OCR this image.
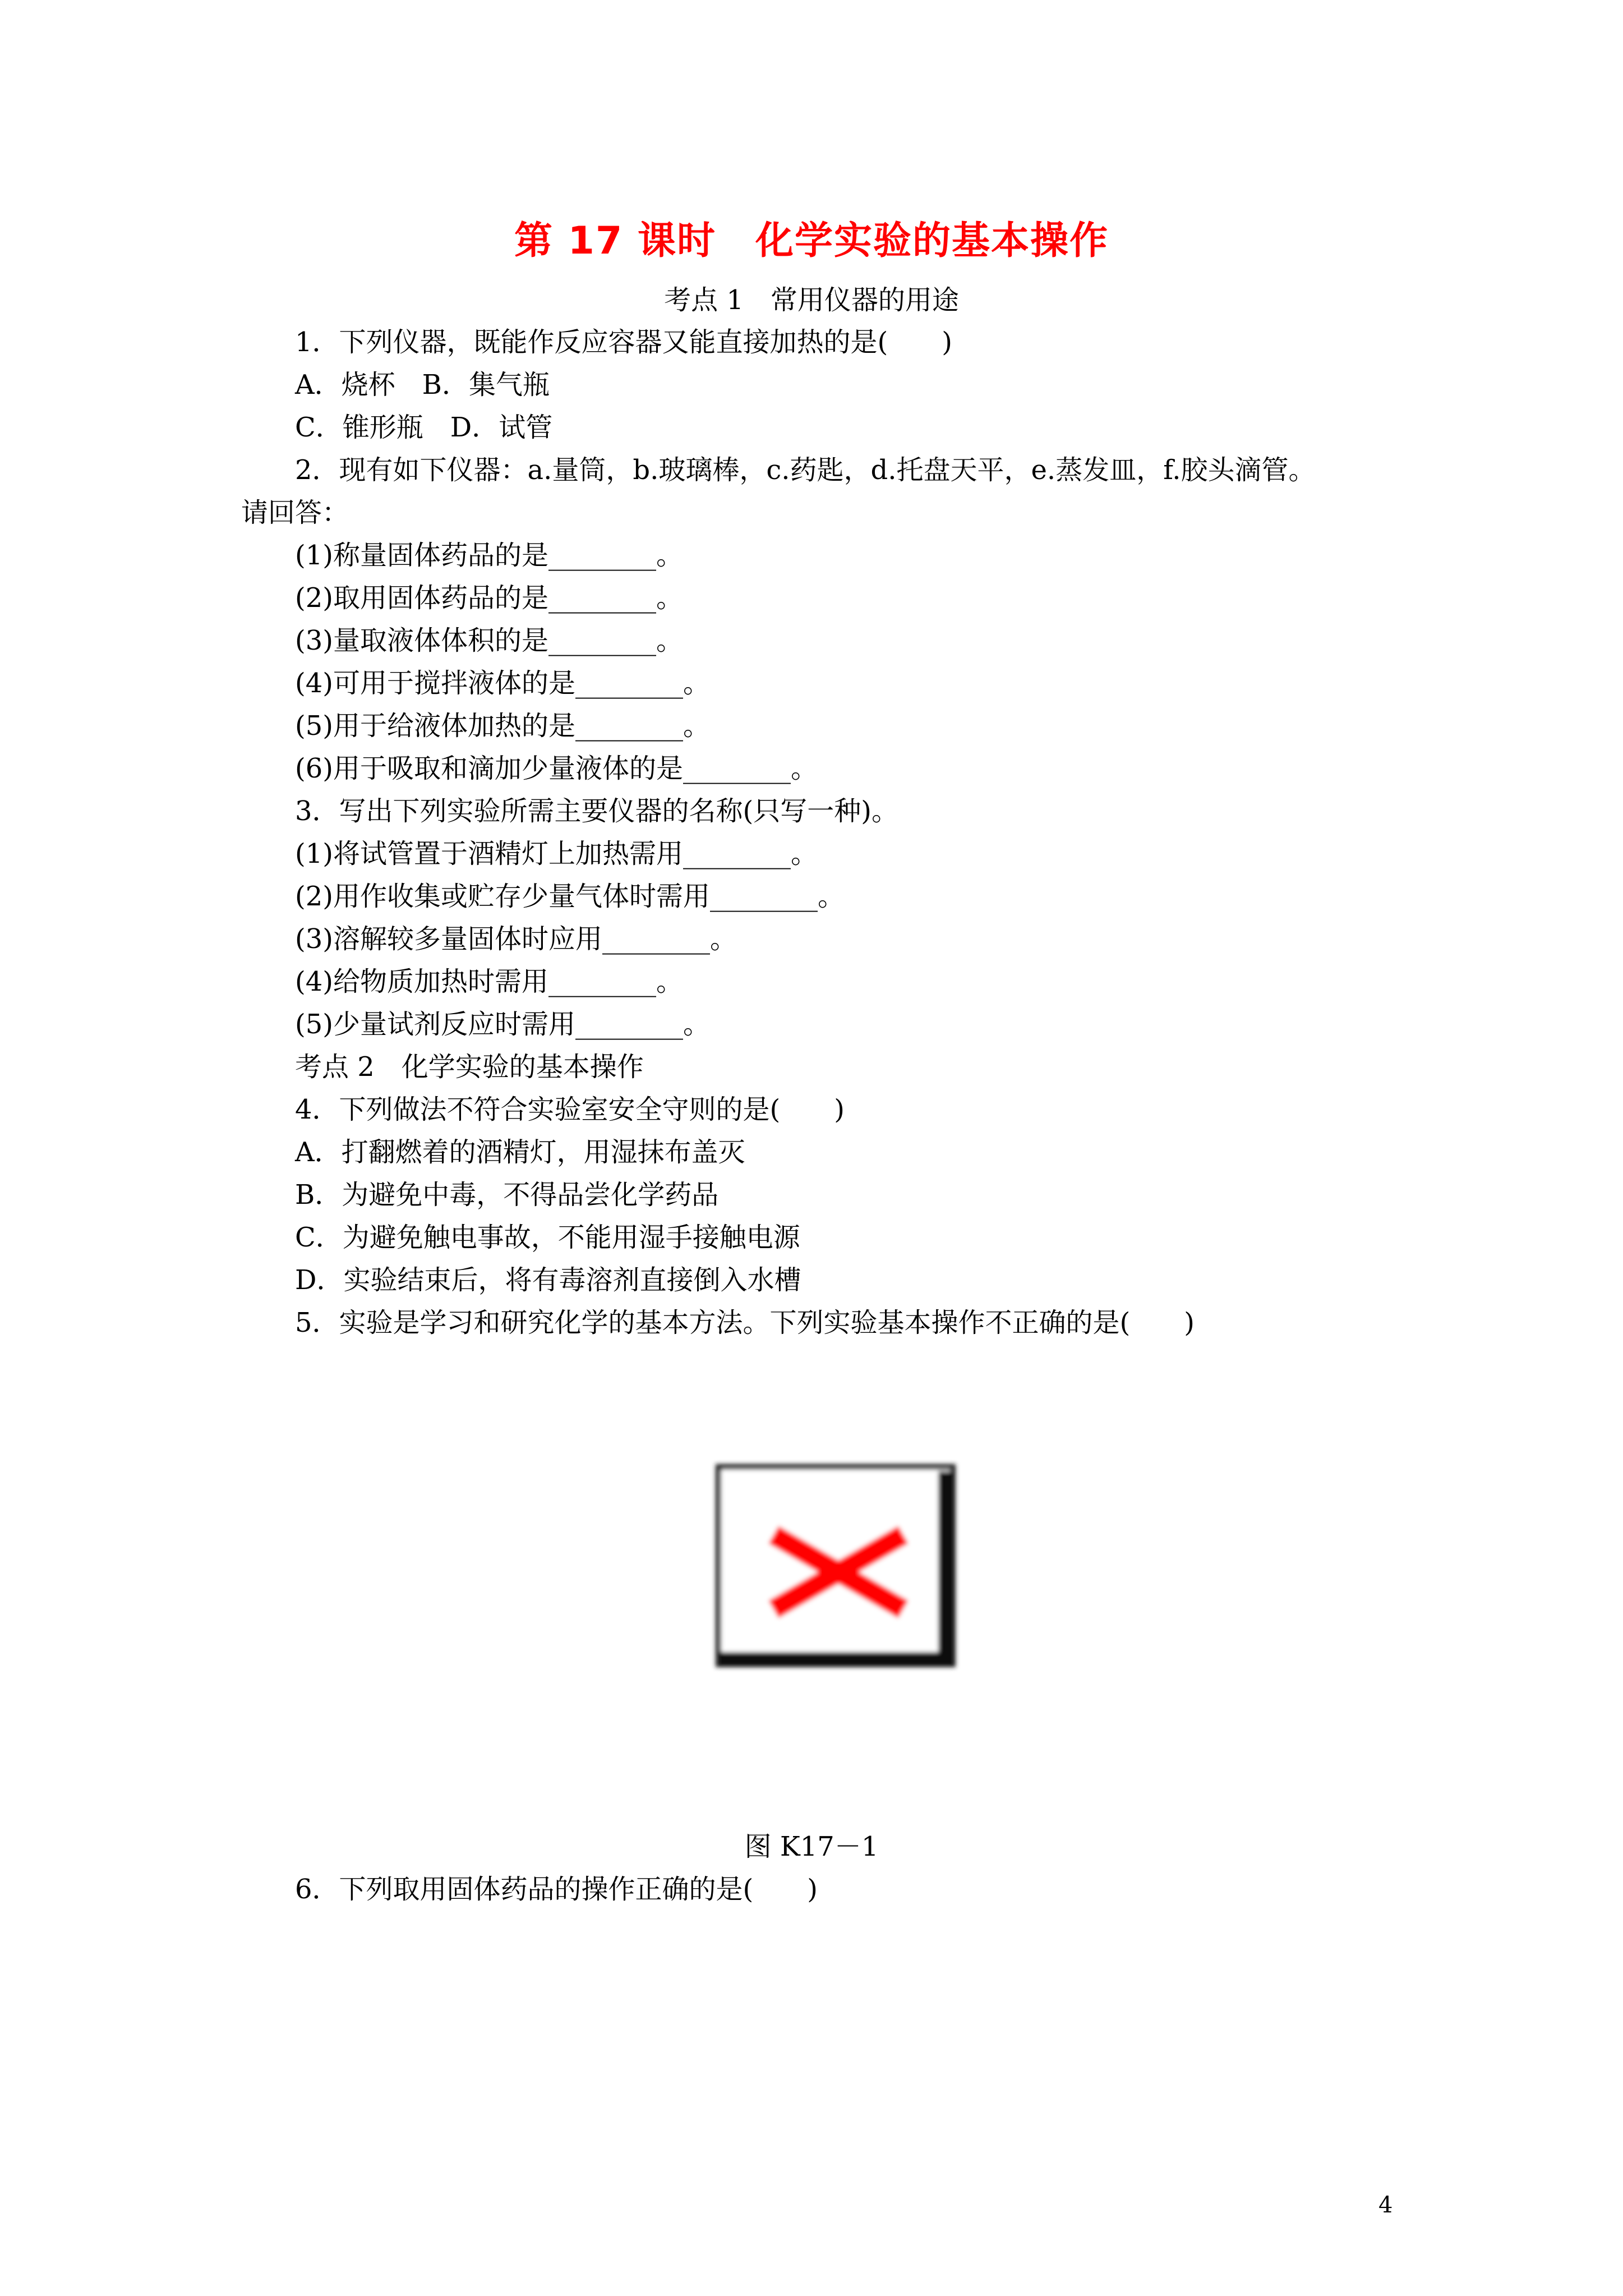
第 17 课时　化学实验的基本操作
考点 1　常用仪器的用途
1．下列仪器，既能作反应容器又能直接加热的是(　　)
A．烧杯　B．集气瓶
C．锥形瓶　D．试管
2．现有如下仪器：a.量筒，b.玻璃棒，c.药匙，d.托盘天平，e.蒸发皿，f.胶头滴管。
请回答：
(1)称量固体药品的是________。
(2)取用固体药品的是________。
(3)量取液体体积的是________。
(4)可用于搅拌液体的是________。
(5)用于给液体加热的是________。
(6)用于吸取和滴加少量液体的是________。
3．写出下列实验所需主要仪器的名称(只写一种)。
(1)将试管置于酒精灯上加热需用________。
(2)用作收集或贮存少量气体时需用________。
(3)溶解较多量固体时应用________。
(4)给物质加热时需用________。
(5)少量试剂反应时需用________。
考点 2　化学实验的基本操作
4．下列做法不符合实验室安全守则的是(　　)
A．打翻燃着的酒精灯，用湿抹布盖灭
B．为避免中毒，不得品尝化学药品
C．为避免触电事故，不能用湿手接触电源
D．实验结束后，将有毒溶剂直接倒入水槽
5．实验是学习和研究化学的基本方法。下列实验基本操作不正确的是(　　)
图 K17－1
6．下列取用固体药品的操作正确的是(　　)
4
